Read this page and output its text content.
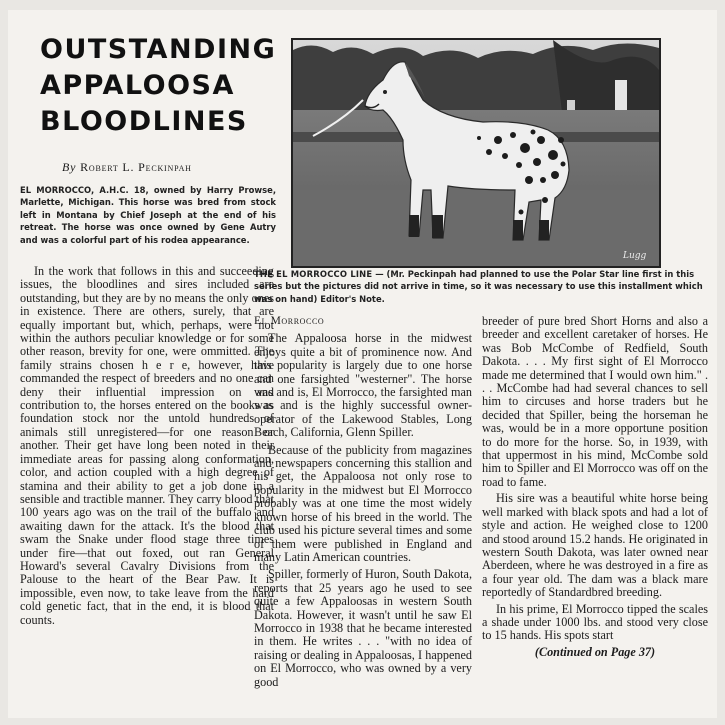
OUTSTANDING
APPALOOSA
BLOODLINES
By Robert L. Peckinpah
EL MORROCCO, A.H.C. 18, owned by Harry Prowse, Marlette, Michigan. This horse was bred from stock left in Montana by Chief Joseph at the end of his retreat. The horse was once owned by Gene Autry and was a colorful part of his rodea appearance.
Lugg
THE EL MORROCCO LINE — (Mr. Peckinpah had planned to use the Polar Star line first in this series but the pictures did not arrive in time, so it was necessary to use this installment which was on hand) Editor's Note.

In the work that follows in this and succeeding issues, the bloodlines and sires included are outstanding, but they are by no means the only ones in existence. There are others, surely, that are equally important but, which, perhaps, were not within the authors peculiar knowledge or for some other reason, brevity for one, were ommitted. The family strains chosen h e r e, however, have commanded the respect of breeders and no one can deny their influential impression on and contribution to, the horses entered on the books as foundation stock nor the untold hundreds of animals still unregistered—for one reason or another. Their get have long been noted in their immediate areas for passing along conformation, color, and action coupled with a high degree of stamina and their ability to get a job done in a sensible and tractible manner. They carry blood that 100 years ago was on the trail of the buffalo and awaiting dawn for the attack. It's the blood that swam the Snake under flood stage three times under fire—that out foxed, out ran General Howard's several Cavalry Divisions from the Palouse to the heart of the Bear Paw. It is impossible, even now, to take leave from the hard cold genetic fact, that in the end, it is blood that counts.

El Morrocco

The Appaloosa horse in the midwest enjoys quite a bit of prominence now. And this popularity is largely due to one horse and one farsighted "westerner". The horse was and is, El Morrocco, the farsighted man was and is the highly successful owner-operator of the Lakewood Stables, Long Beach, California, Glenn Spiller.

Because of the publicity from magazines and newspapers concerning this stallion and his get, the Appaloosa not only rose to popularity in the midwest but El Morrocco probably was at one time the most widely known horse of his breed in the world. The club used his picture several times and some of them were published in England and many Latin American countries.

Spiller, formerly of Huron, South Dakota, reports that 25 years ago he used to see quite a few Appaloosas in western South Dakota. However, it wasn't until he saw El Morrocco in 1938 that he became interested in them. He writes . . . "with no idea of raising or dealing in Appaloosas, I happened on El Morrocco, who was owned by a very good

breeder of pure bred Short Horns and also a breeder and excellent caretaker of horses. He was Bob McCombe of Redfield, South Dakota. . . . My first sight of El Morrocco made me determined that I would own him." . . . McCombe had had several chances to sell him to circuses and horse traders but he decided that Spiller, being the horseman he was, would be in a more opportune position to do more for the horse. So, in 1939, with that uppermost in his mind, McCombe sold him to Spiller and El Morrocco was off on the road to fame.

His sire was a beautiful white horse being well marked with black spots and had a lot of style and action. He weighed close to 1200 and stood around 15.2 hands. He originated in western South Dakota, was later owned near Aberdeen, where he was destroyed in a fire as a four year old. The dam was a black mare reportedly of Standardbred breeding.

In his prime, El Morrocco tipped the scales a shade under 1000 lbs. and stood very close to 15 hands. His spots start

(Continued on Page 37)
